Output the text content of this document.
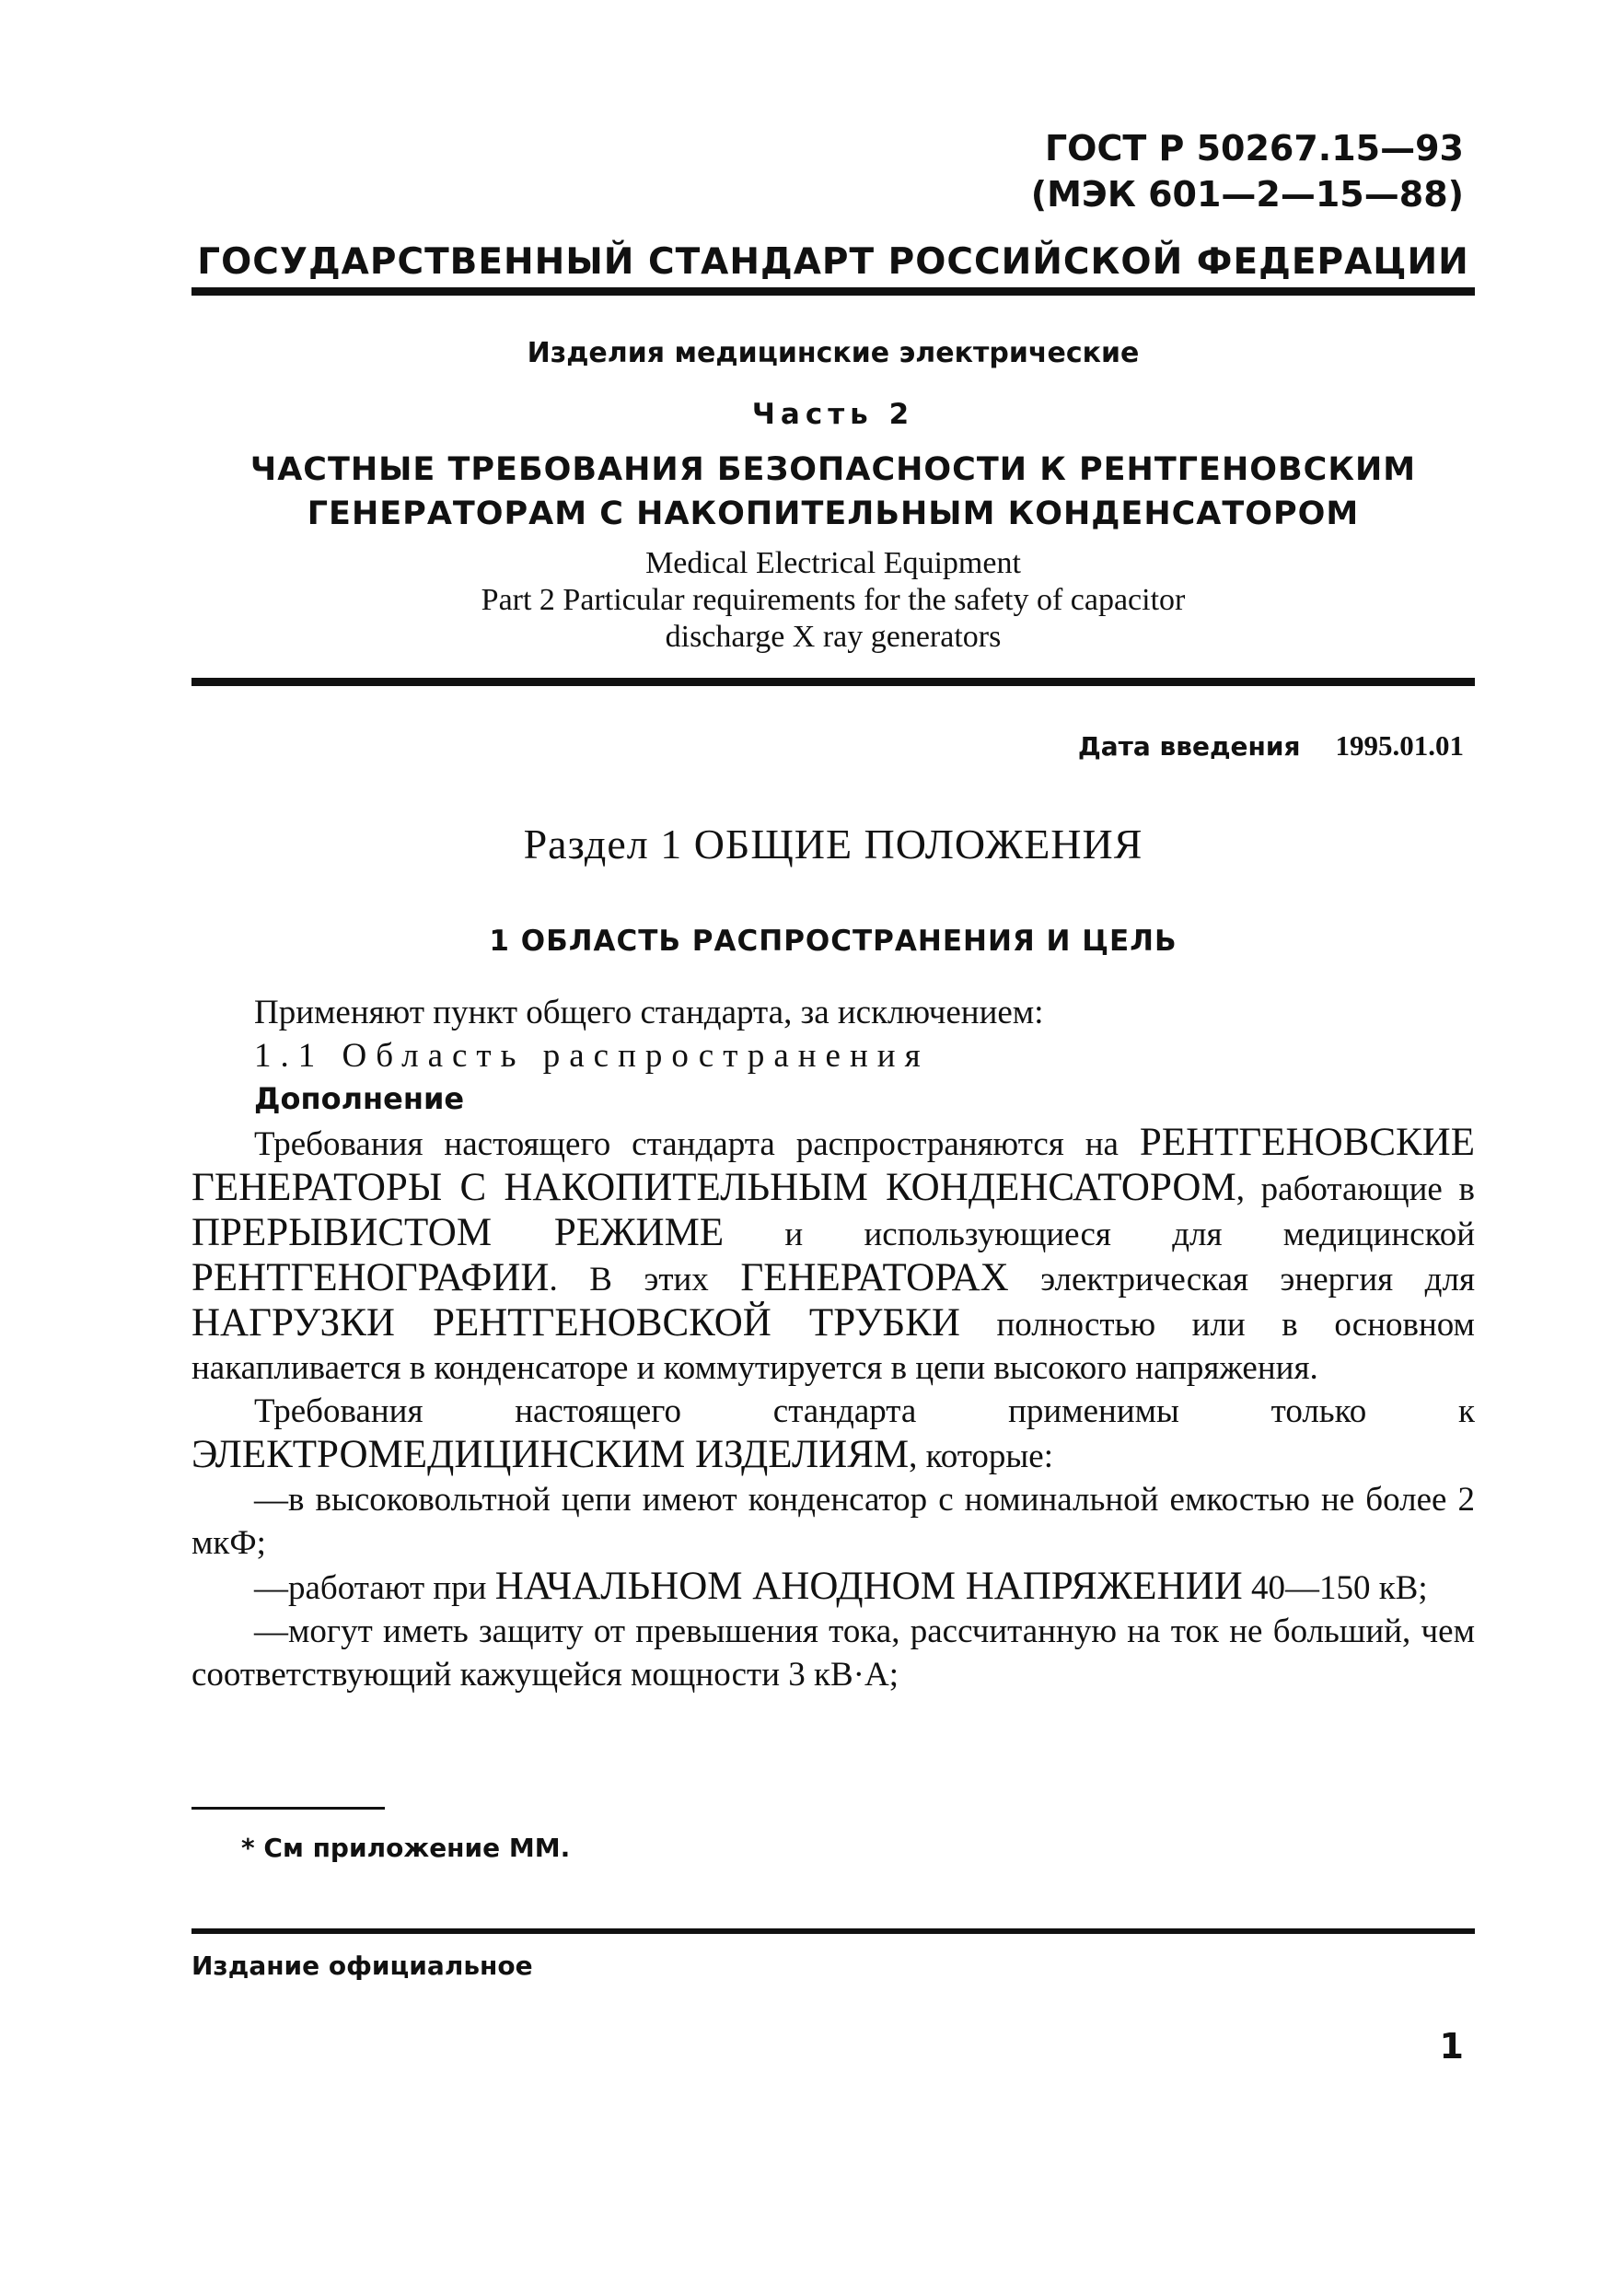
ГОСТ Р 50267.15—93
(МЭК 601—2—15—88)
ГОСУДАРСТВЕННЫЙ СТАНДАРТ РОССИЙСКОЙ ФЕДЕРАЦИИ
Изделия медицинские электрические
Часть 2
ЧАСТНЫЕ ТРЕБОВАНИЯ БЕЗОПАСНОСТИ К РЕНТГЕНОВСКИМ
ГЕНЕРАТОРАМ С НАКОПИТЕЛЬНЫМ КОНДЕНСАТОРОМ
Medical Electrical Equipment
Part 2 Particular requirements for the safety of capacitor
discharge X ray generators
Дата введения 1995.01.01
Раздел 1 ОБЩИЕ ПОЛОЖЕНИЯ
1 ОБЛАСТЬ РАСПРОСТРАНЕНИЯ И ЦЕЛЬ

Применяют пункт общего стандарта, за исключением:

1.1 Область распространения

Дополнение

Требования настоящего стандарта распространяются на РЕНТГЕНОВСКИЕ ГЕНЕРАТОРЫ С НАКОПИТЕЛЬНЫМ КОНДЕНСАТОРОМ, работающие в ПРЕРЫВИСТОМ РЕЖИМЕ и использующиеся для медицинской РЕНТГЕНОГРАФИИ. В этих ГЕНЕРАТОРАХ электрическая энергия для НАГРУЗКИ РЕНТГЕНОВСКОЙ ТРУБКИ полностью или в основном накапливается в конденсаторе и коммутируется в цепи высокого напряжения.

Требования настоящего стандарта применимы только к ЭЛЕКТРОМЕДИЦИНСКИМ ИЗДЕЛИЯМ, которые:

—в высоковольтной цепи имеют конденсатор с номинальной емкостью не более 2 мкФ;

—работают при НАЧАЛЬНОМ АНОДНОМ НАПРЯЖЕНИИ 40—150 кВ;

—могут иметь защиту от превышения тока, рассчитанную на ток не больший, чем соответствующий кажущейся мощности 3 кВ·А;

* См приложение ММ.
Издание официальное
1
